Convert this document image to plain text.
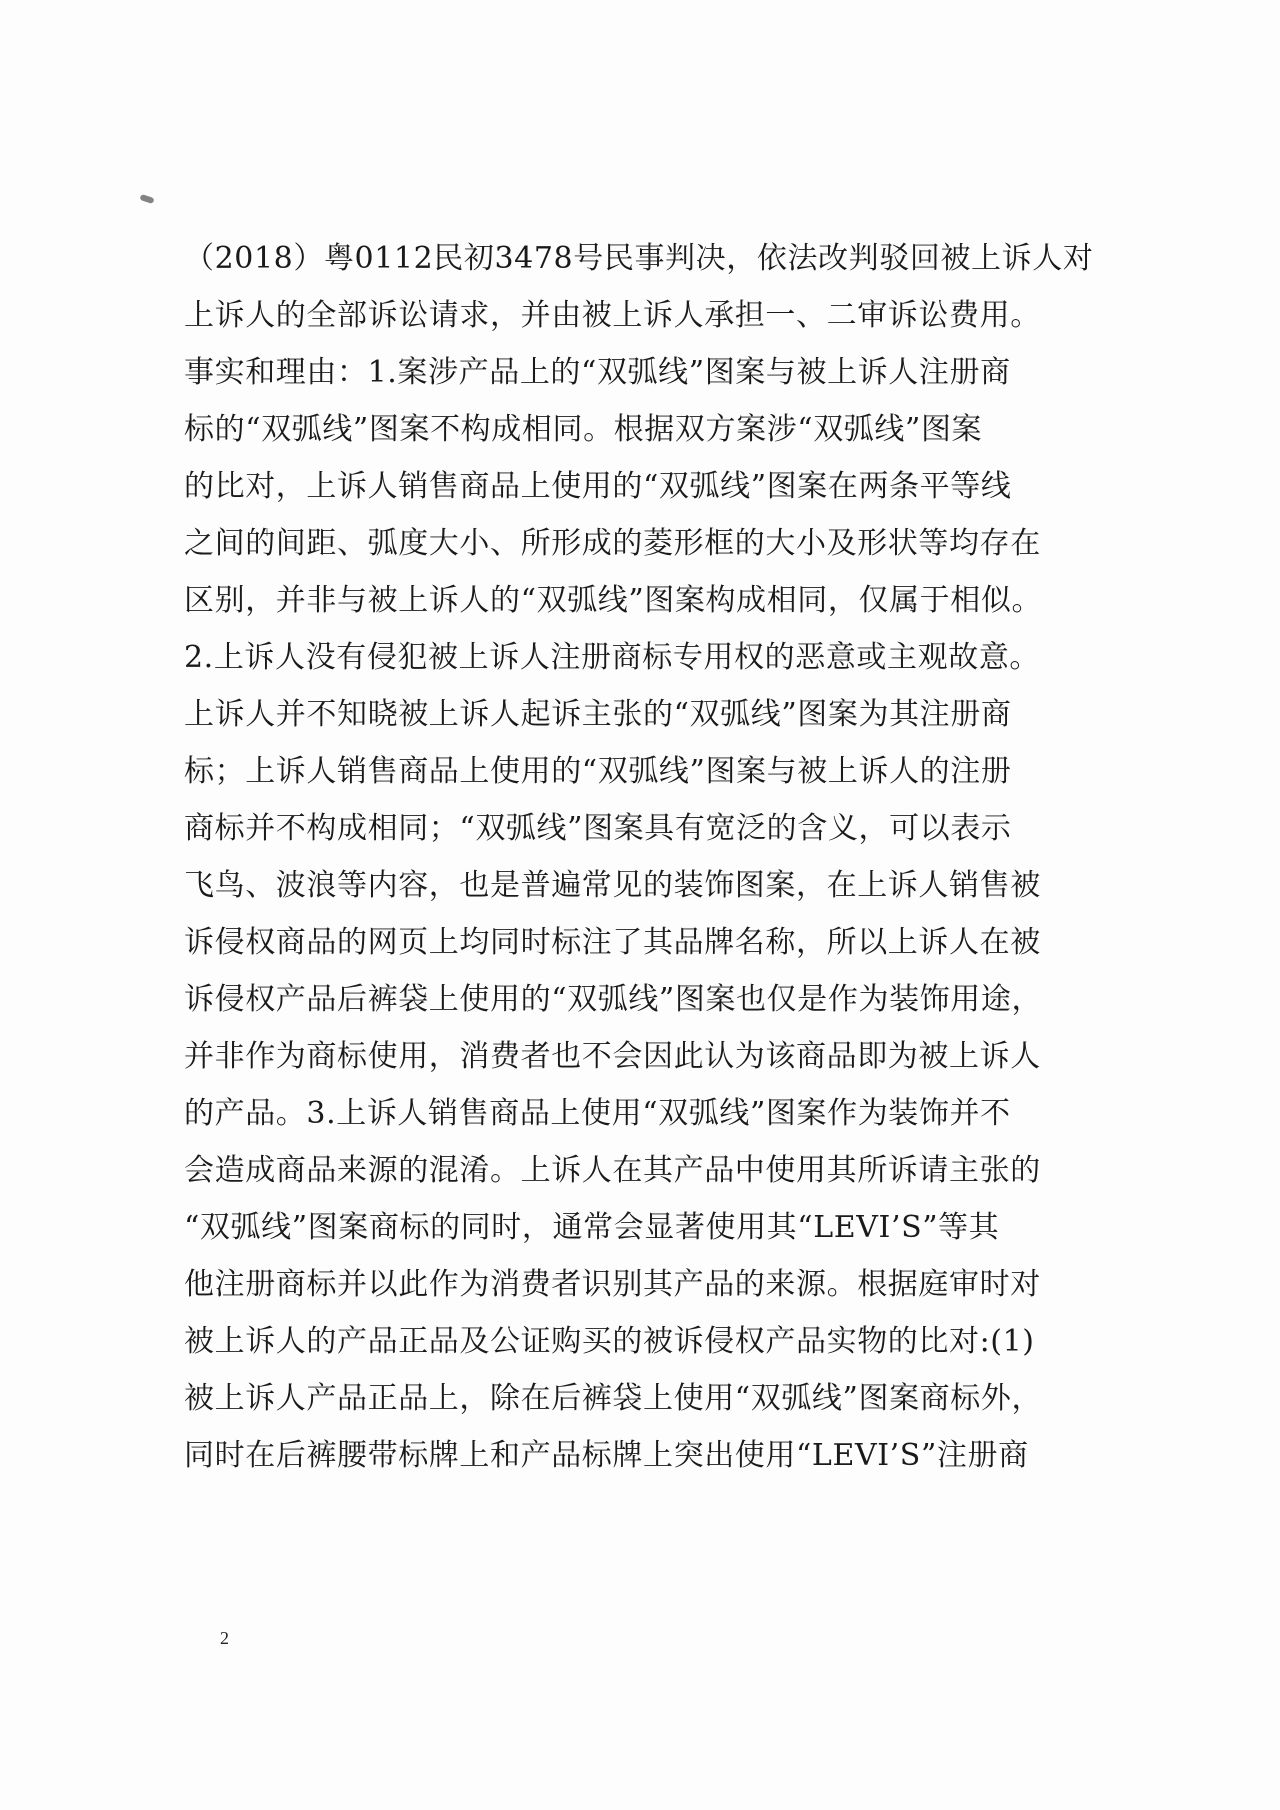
（2018）粤0112民初3478号民事判决，依法改判驳回被上诉人对
上诉人的全部诉讼请求，并由被上诉人承担一、二审诉讼费用。
事实和理由：1.案涉产品上的“双弧线”图案与被上诉人注册商
标的“双弧线”图案不构成相同。根据双方案涉“双弧线”图案
的比对，上诉人销售商品上使用的“双弧线”图案在两条平等线
之间的间距、弧度大小、所形成的菱形框的大小及形状等均存在
区别，并非与被上诉人的“双弧线”图案构成相同，仅属于相似。
2.上诉人没有侵犯被上诉人注册商标专用权的恶意或主观故意。
上诉人并不知晓被上诉人起诉主张的“双弧线”图案为其注册商
标；上诉人销售商品上使用的“双弧线”图案与被上诉人的注册
商标并不构成相同；“双弧线”图案具有宽泛的含义，可以表示
飞鸟、波浪等内容，也是普遍常见的装饰图案，在上诉人销售被
诉侵权商品的网页上均同时标注了其品牌名称，所以上诉人在被
诉侵权产品后裤袋上使用的“双弧线”图案也仅是作为装饰用途，
并非作为商标使用，消费者也不会因此认为该商品即为被上诉人
的产品。3.上诉人销售商品上使用“双弧线”图案作为装饰并不
会造成商品来源的混淆。上诉人在其产品中使用其所诉请主张的
“双弧线”图案商标的同时，通常会显著使用其“LEVI’S”等其
他注册商标并以此作为消费者识别其产品的来源。根据庭审时对
被上诉人的产品正品及公证购买的被诉侵权产品实物的比对:(1)
被上诉人产品正品上，除在后裤袋上使用“双弧线”图案商标外，
同时在后裤腰带标牌上和产品标牌上突出使用“LEVI’S”注册商
2
